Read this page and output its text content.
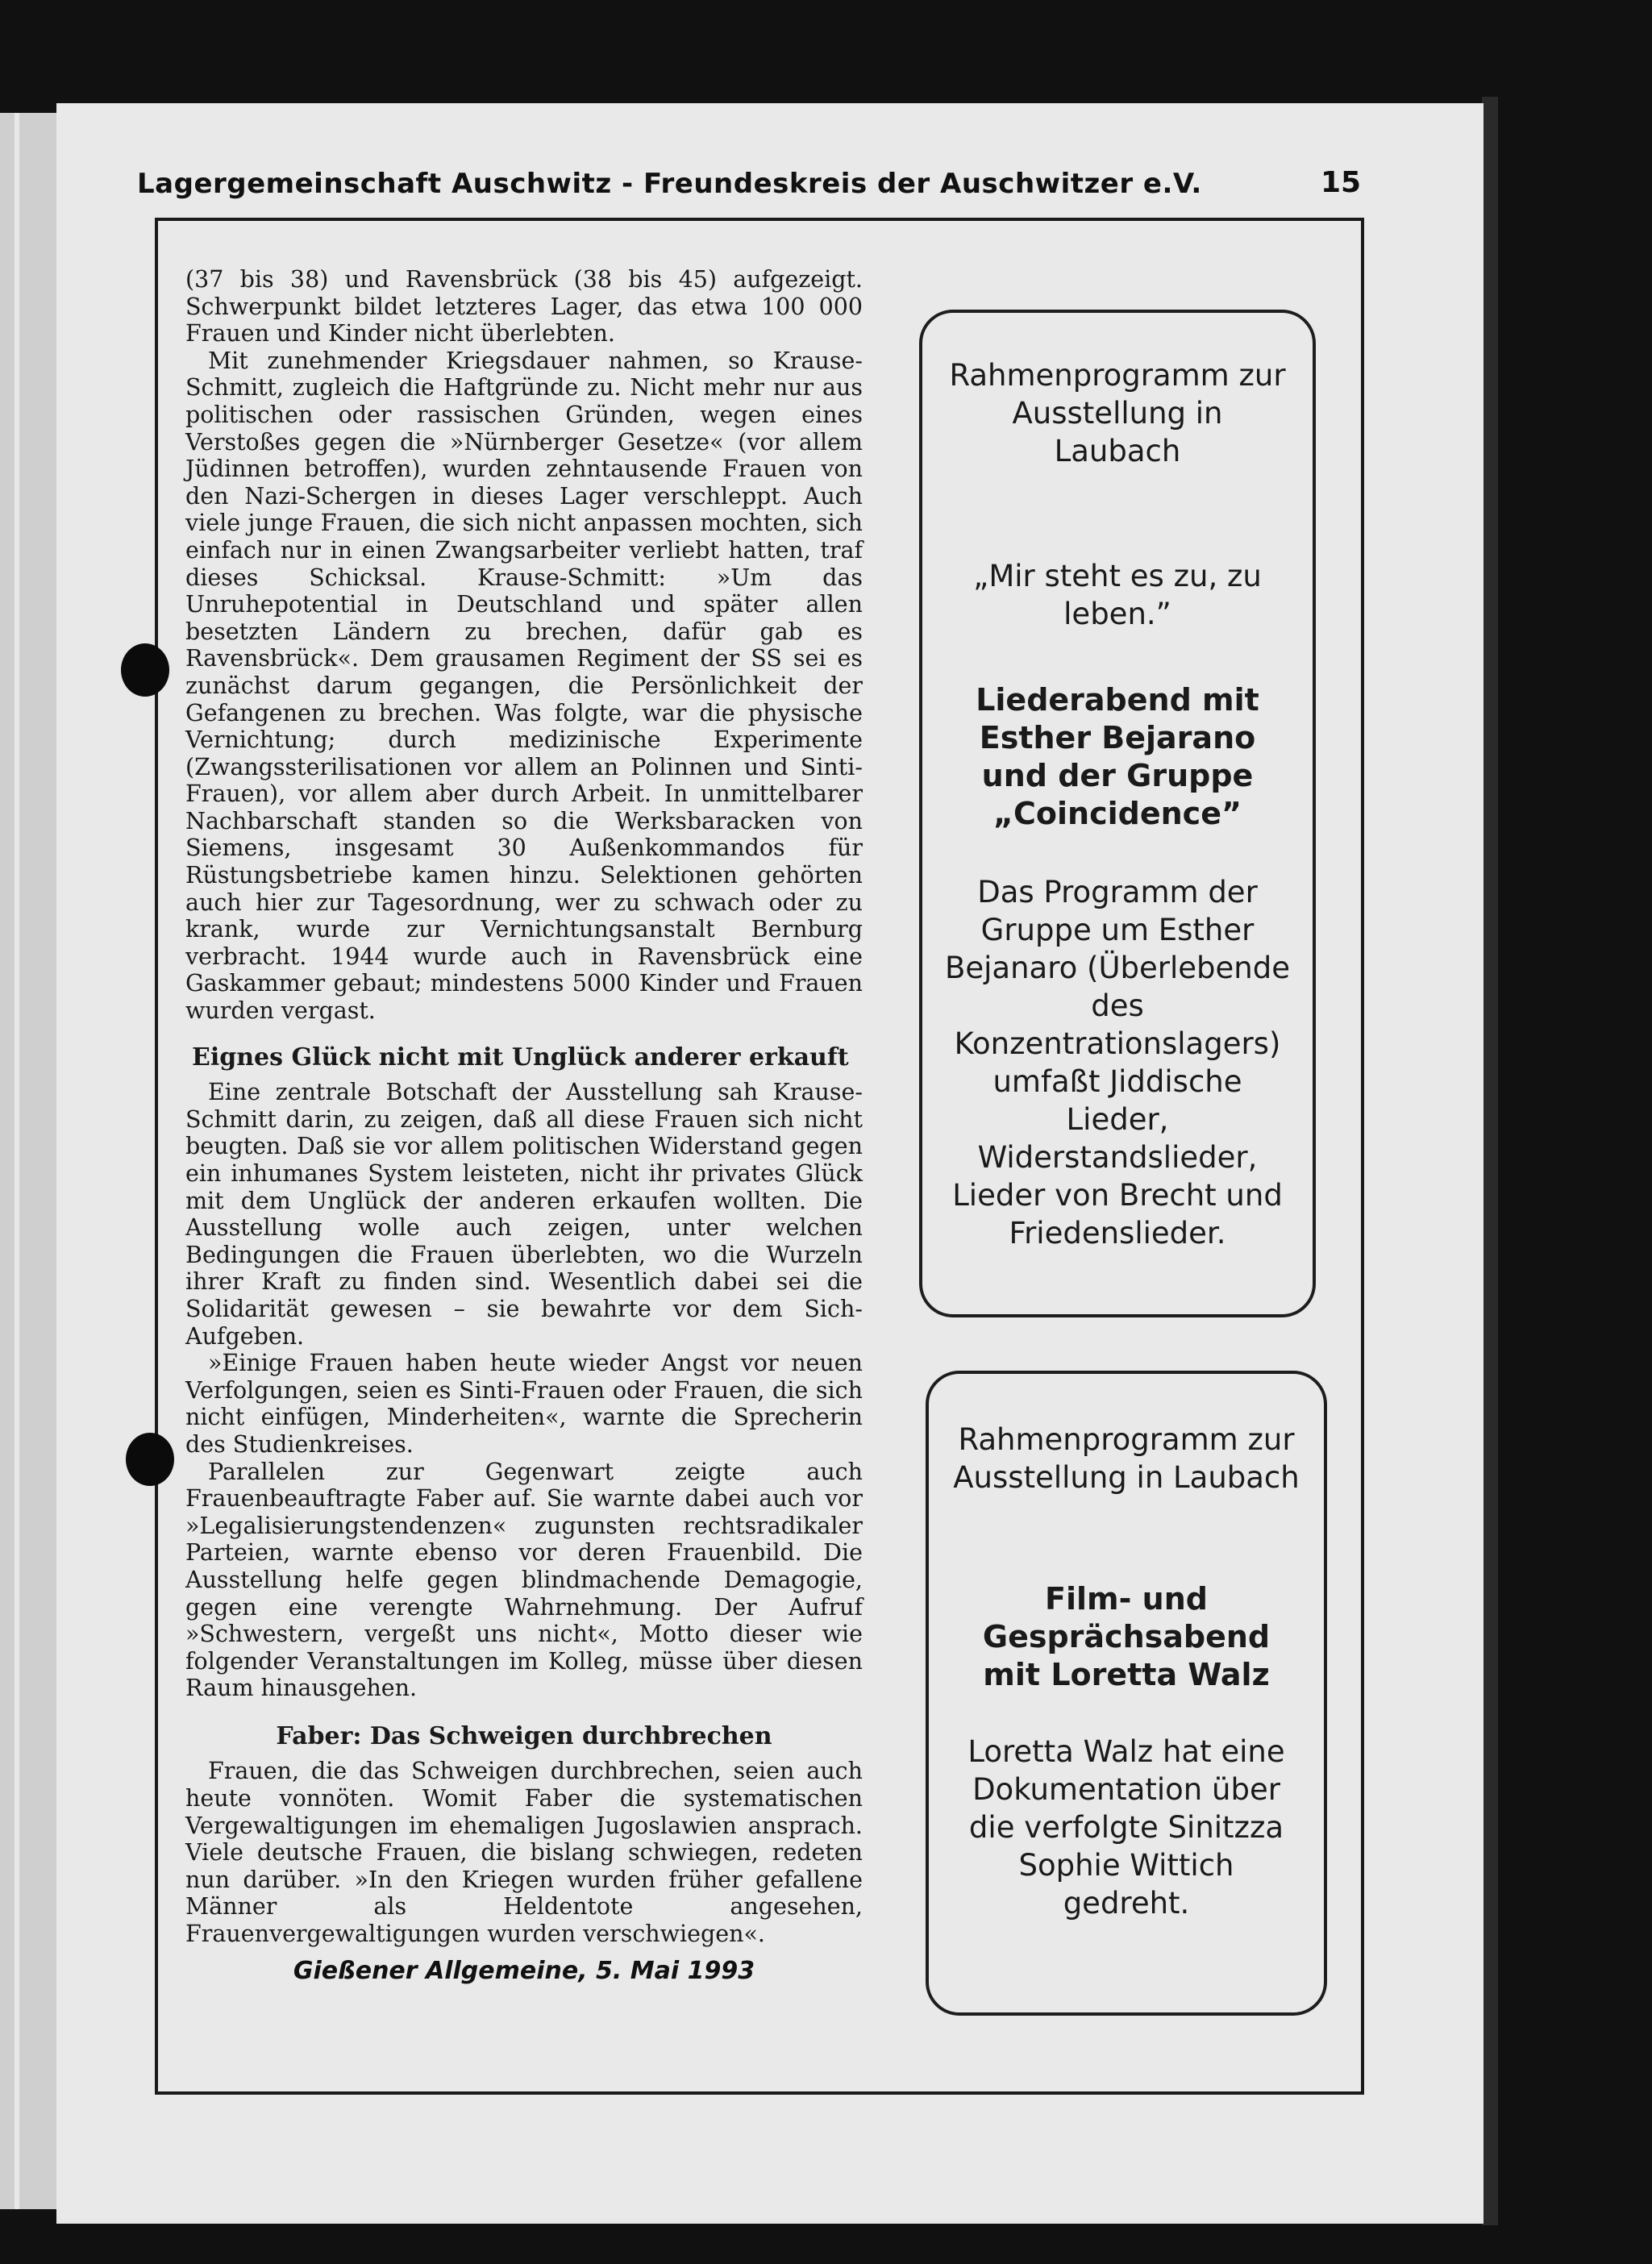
Lagergemeinschaft Auschwitz - Freundeskreis der Auschwitzer e.V.	15

(37 bis 38) und Ravensbrück (38 bis 45) aufgezeigt. Schwerpunkt bildet letzteres Lager, das etwa 100 000 Frauen und Kinder nicht überlebten.

Mit zunehmender Kriegsdauer nahmen, so Krause-Schmitt, zugleich die Haftgründe zu. Nicht mehr nur aus politischen oder rassischen Gründen, wegen eines Verstoßes gegen die »Nürnberger Gesetze« (vor allem Jüdinnen betroffen), wurden zehntausende Frauen von den Nazi-Schergen in dieses Lager verschleppt. Auch viele junge Frauen, die sich nicht anpassen mochten, sich einfach nur in einen Zwangsarbeiter verliebt hatten, traf dieses Schicksal. Krause-Schmitt: »Um das Unruhepotential in Deutschland und später allen besetzten Ländern zu brechen, dafür gab es Ravensbrück«. Dem grausamen Regiment der SS sei es zunächst darum gegangen, die Persönlichkeit der Gefangenen zu brechen. Was folgte, war die physische Vernichtung; durch medizinische Experimente (Zwangssterilisationen vor allem an Polinnen und Sinti-Frauen), vor allem aber durch Arbeit. In unmittelbarer Nachbarschaft standen so die Werksbaracken von Siemens, insgesamt 30 Außenkommandos für Rüstungsbetriebe kamen hinzu. Selektionen gehörten auch hier zur Tagesordnung, wer zu schwach oder zu krank, wurde zur Vernichtungsanstalt Bernburg verbracht. 1944 wurde auch in Ravensbrück eine Gaskammer gebaut; mindestens 5000 Kinder und Frauen wurden vergast.

Eignes Glück nicht mit Unglück anderer erkauft

Eine zentrale Botschaft der Ausstellung sah Krause-Schmitt darin, zu zeigen, daß all diese Frauen sich nicht beugten. Daß sie vor allem politischen Widerstand gegen ein inhumanes System leisteten, nicht ihr privates Glück mit dem Unglück der anderen erkaufen wollten. Die Ausstellung wolle auch zeigen, unter welchen Bedingungen die Frauen überlebten, wo die Wurzeln ihrer Kraft zu finden sind. Wesentlich dabei sei die Solidarität gewesen – sie bewahrte vor dem Sich-Aufgeben.

»Einige Frauen haben heute wieder Angst vor neuen Verfolgungen, seien es Sinti-Frauen oder Frauen, die sich nicht einfügen, Minderheiten«, warnte die Sprecherin des Studienkreises.

Parallelen zur Gegenwart zeigte auch Frauenbeauftragte Faber auf. Sie warnte dabei auch vor »Legalisierungstendenzen« zugunsten rechtsradikaler Parteien, warnte ebenso vor deren Frauenbild. Die Ausstellung helfe gegen blindmachende Demagogie, gegen eine verengte Wahrnehmung. Der Aufruf »Schwestern, vergeßt uns nicht«, Motto dieser wie folgender Veranstaltungen im Kolleg, müsse über diesen Raum hinausgehen.

Faber: Das Schweigen durchbrechen

Frauen, die das Schweigen durchbrechen, seien auch heute vonnöten. Womit Faber die systematischen Vergewaltigungen im ehemaligen Jugoslawien ansprach. Viele deutsche Frauen, die bislang schwiegen, redeten nun darüber. »In den Kriegen wurden früher gefallene Männer als Heldentote angesehen, Frauenvergewaltigungen wurden verschwiegen«.

Gießener Allgemeine, 5. Mai 1993
Rahmenprogramm zur Ausstellung in Laubach
„Mir steht es zu, zu leben.”
Liederabend mit Esther Bejarano und der Gruppe „Coincidence”
Das Programm der Gruppe um Esther Bejanaro (Überlebende des Konzentrationslagers) umfaßt Jiddische Lieder, Widerstandslieder, Lieder von Brecht und Friedenslieder.
Rahmenprogramm zur Ausstellung in Laubach
Film- und Gesprächsabend mit Loretta Walz
Loretta Walz hat eine Dokumentation über die verfolgte Sinitzza Sophie Wittich gedreht.
